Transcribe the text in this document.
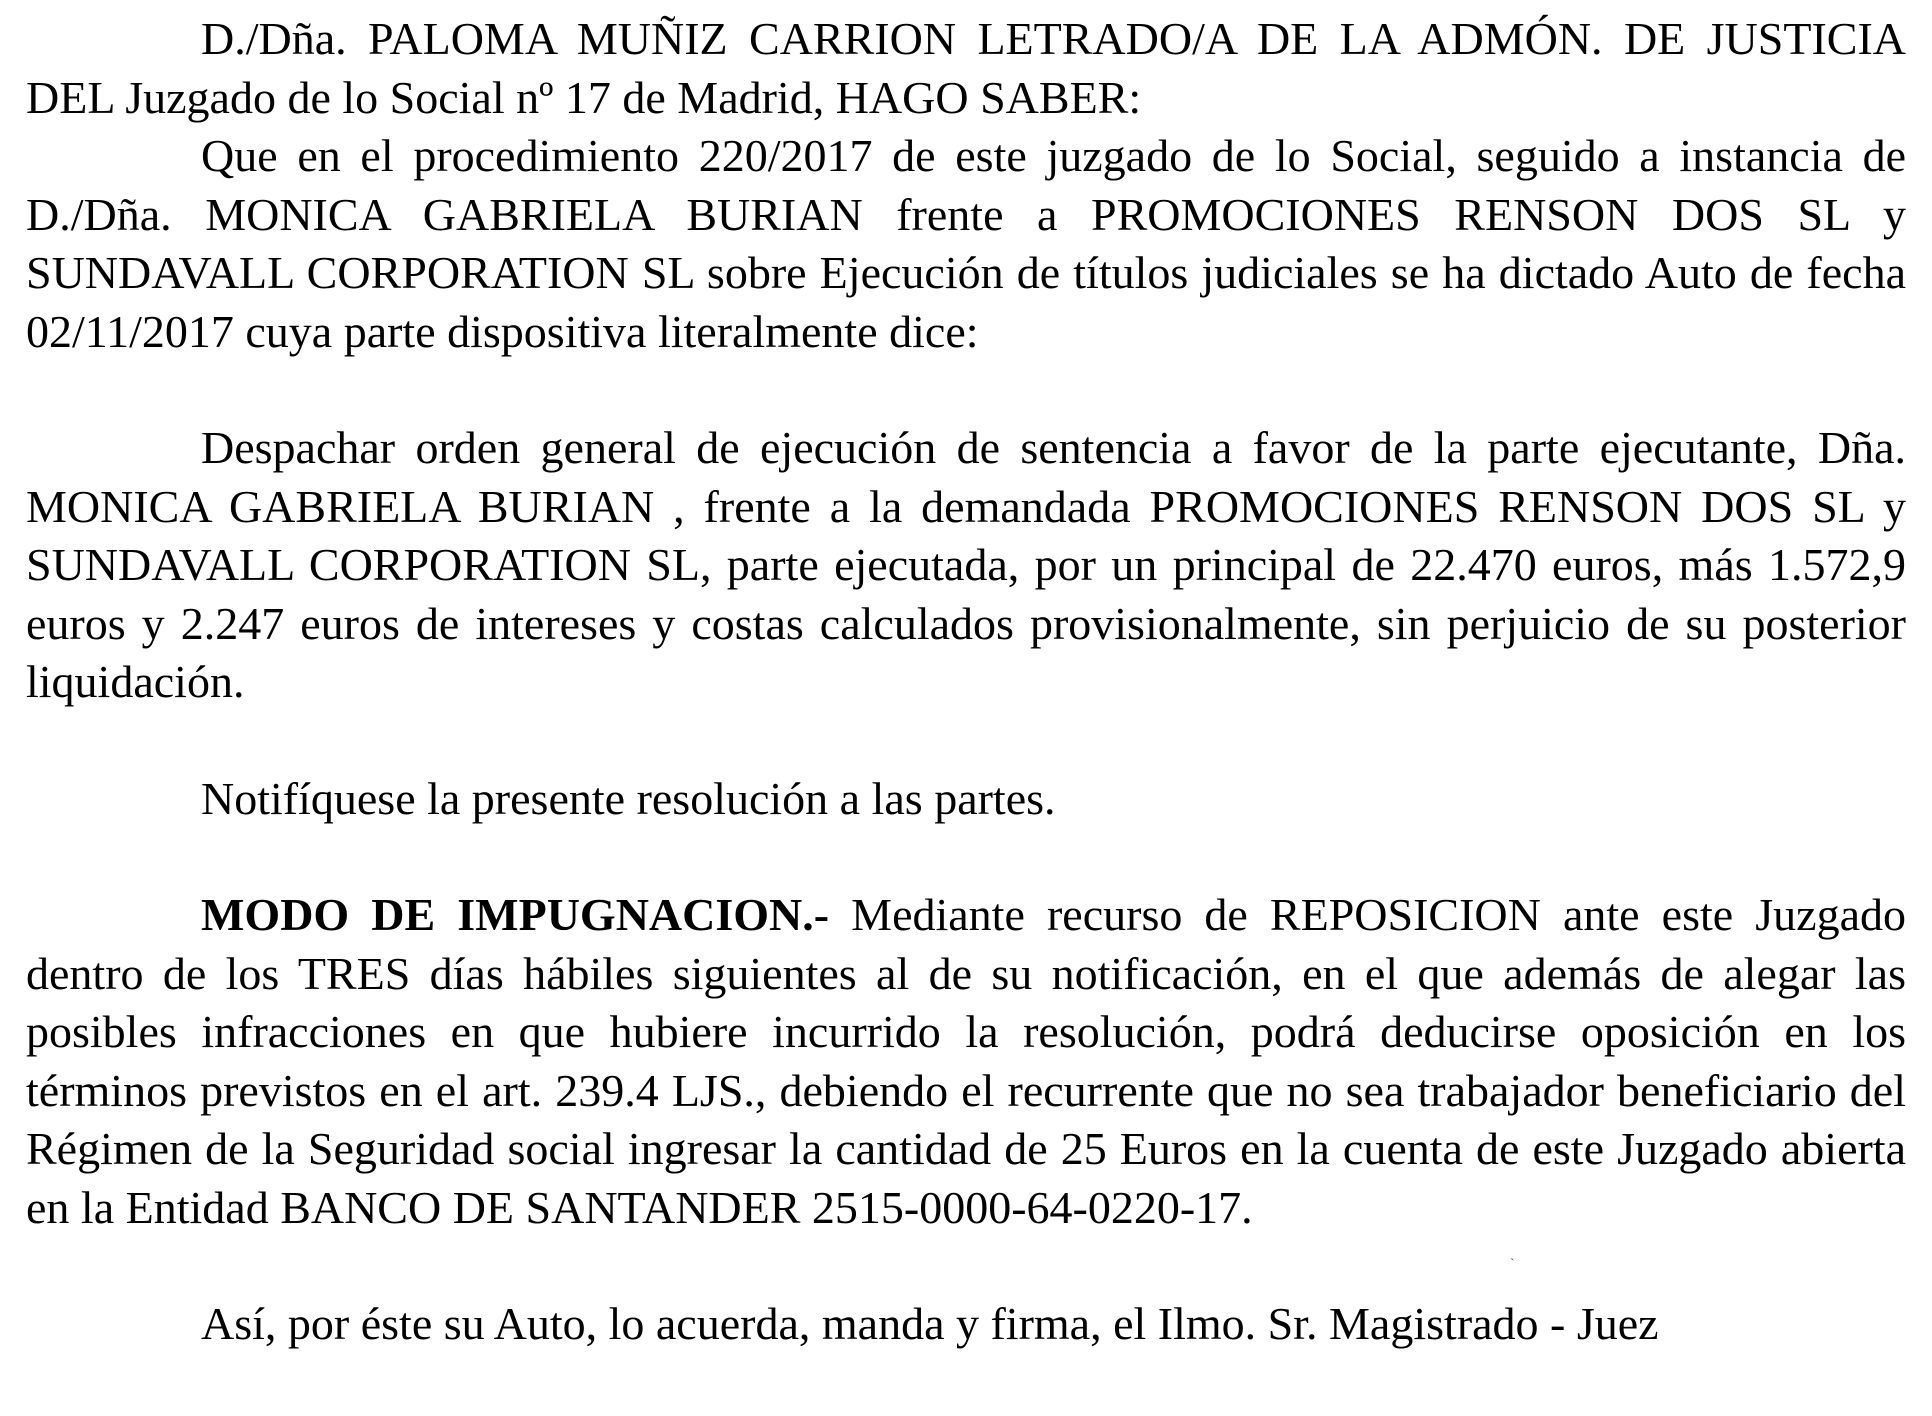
D./Dña. PALOMA MUÑIZ CARRION LETRADO/A DE LA ADMÓN. DE JUSTICIA DEL Juzgado de lo Social nº 17 de Madrid, HAGO SABER:

Que en el procedimiento 220/2017 de este juzgado de lo Social, seguido a instancia de D./Dña. MONICA GABRIELA BURIAN frente a PROMOCIONES RENSON DOS SL y SUNDAVALL CORPORATION SL sobre Ejecución de títulos judiciales se ha dictado Auto de fecha 02/11/2017 cuya parte dispositiva literalmente dice:

Despachar orden general de ejecución de sentencia a favor de la parte ejecutante, Dña. MONICA GABRIELA BURIAN , frente a la demandada PROMOCIONES RENSON DOS SL y SUNDAVALL CORPORATION SL, parte ejecutada, por un principal de 22.470 euros, más 1.572,9 euros y 2.247 euros de intereses y costas calculados provisionalmente, sin perjuicio de su posterior liquidación.

Notifíquese la presente resolución a las partes.

MODO DE IMPUGNACION.- Mediante recurso de REPOSICION ante este Juzgado dentro de los TRES días hábiles siguientes al de su notificación, en el que además de alegar las posibles infracciones en que hubiere incurrido la resolución, podrá deducirse oposición en los términos previstos en el art. 239.4 LJS., debiendo el recurrente que no sea trabajador beneficiario del Régimen de la Seguridad social ingresar la cantidad de 25 Euros en la cuenta de este Juzgado abierta en la Entidad BANCO DE SANTANDER 2515-0000-64-0220-17.

Así, por éste su Auto, lo acuerda, manda y firma, el Ilmo. Sr. Magistrado - Juez

ˋ
